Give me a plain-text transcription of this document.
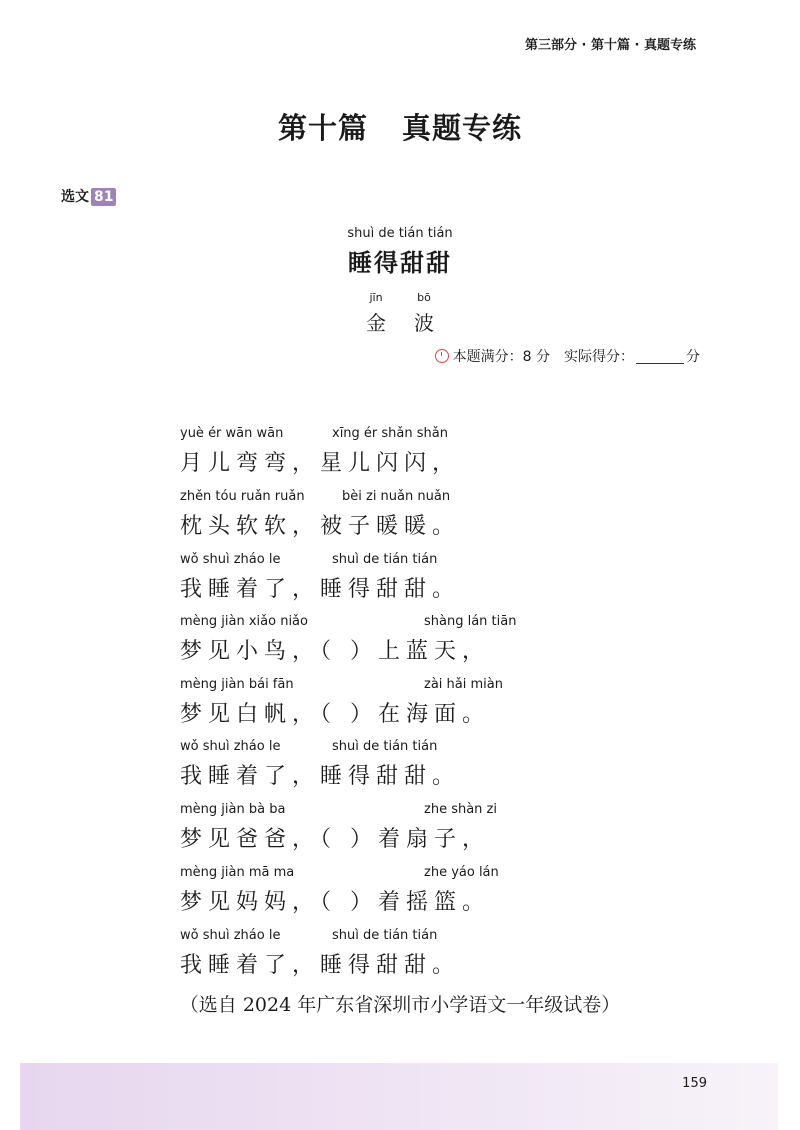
第三部分 · 第十篇 · 真题专练
第十篇 真题专练
选文 81
shuì de tián tián
睡得甜甜
jīn	bō
金 波
本题满分：8 分 实际得分：	分
yuè ér wān wān	xīng ér shǎn shǎn
月儿弯弯，星儿闪闪，
zhěn tóu ruǎn ruǎn	bèi zi nuǎn nuǎn
枕头软软，被子暖暖。
wǒ shuì zháo le	shuì de tián tián
我睡着了，睡得甜甜。
mèng jiàn xiǎo niǎo	shàng lán tiān
梦见小鸟，（ ）上蓝天，
mèng jiàn bái fān	zài hǎi miàn
梦见白帆，（ ）在海面。
wǒ shuì zháo le	shuì de tián tián
我睡着了，睡得甜甜。
mèng jiàn bà ba	zhe shàn zi
梦见爸爸，（ ）着扇子，
mèng jiàn mā ma	zhe yáo lán
梦见妈妈，（ ）着摇篮。
wǒ shuì zháo le	shuì de tián tián
我睡着了，睡得甜甜。
（选自 2024 年广东省深圳市小学语文一年级试卷）
159
